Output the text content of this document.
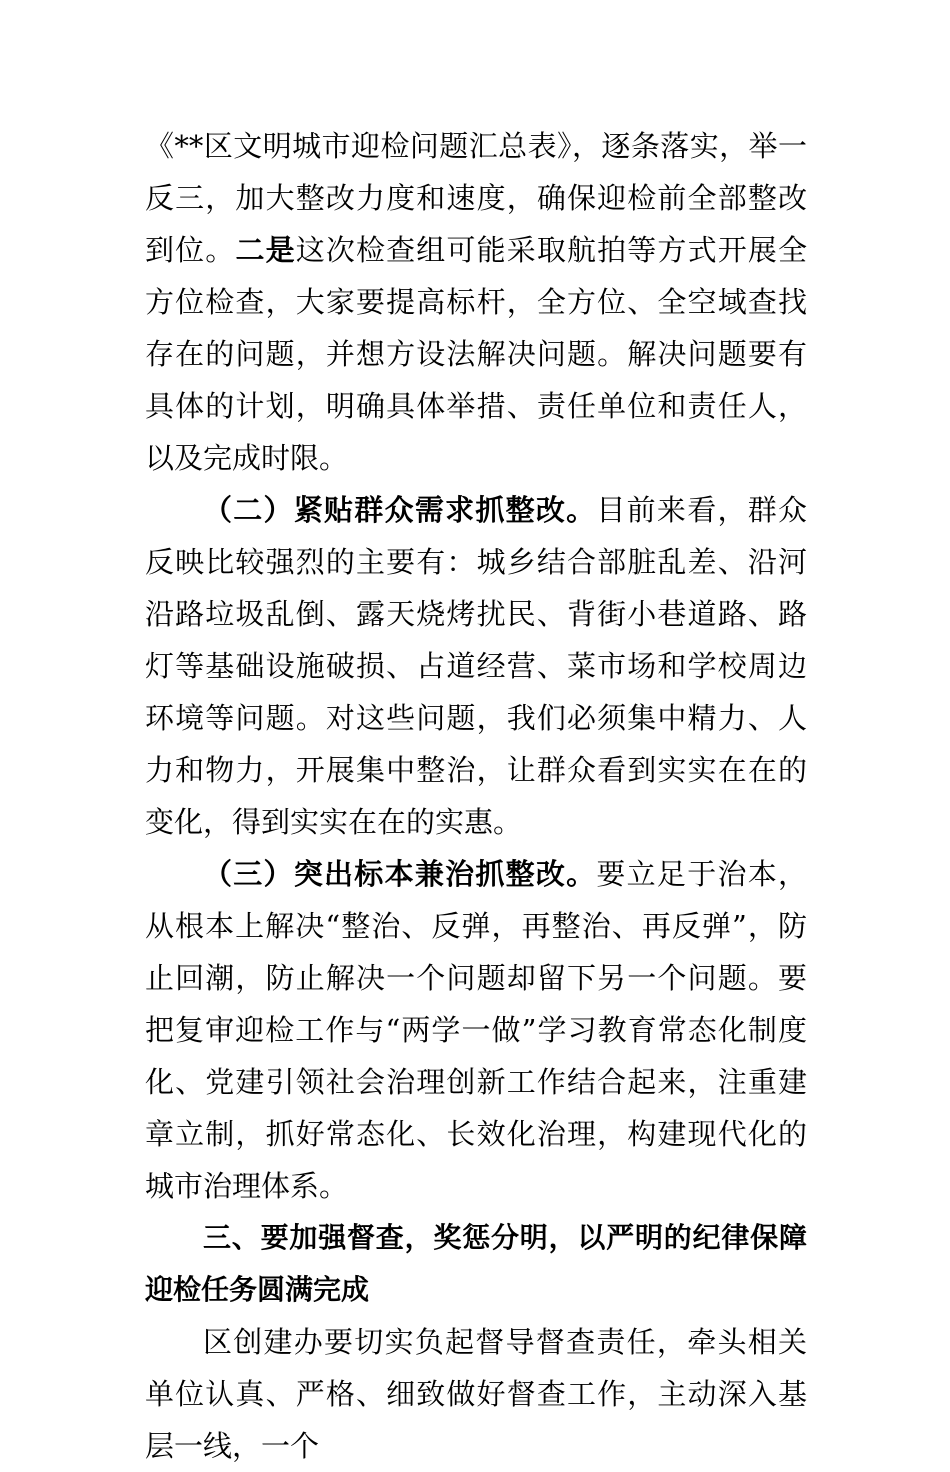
《**区文明城市迎检问题汇总表》，逐条落实，举一反三，加大整改力度和速度，确保迎检前全部整改到位。二是这次检查组可能采取航拍等方式开展全方位检查，大家要提高标杆，全方位、全空域查找存在的问题，并想方设法解决问题。解决问题要有具体的计划，明确具体举措、责任单位和责任人，以及完成时限。

（二）紧贴群众需求抓整改。目前来看，群众反映比较强烈的主要有：城乡结合部脏乱差、沿河沿路垃圾乱倒、露天烧烤扰民、背街小巷道路、路灯等基础设施破损、占道经营、菜市场和学校周边环境等问题。对这些问题，我们必须集中精力、人力和物力，开展集中整治，让群众看到实实在在的变化，得到实实在在的实惠。

（三）突出标本兼治抓整改。要立足于治本，从根本上解决“整治、反弹，再整治、再反弹”，防止回潮，防止解决一个问题却留下另一个问题。要把复审迎检工作与“两学一做”学习教育常态化制度化、党建引领社会治理创新工作结合起来，注重建章立制，抓好常态化、长效化治理，构建现代化的城市治理体系。

三、要加强督查，奖惩分明，以严明的纪律保障迎检任务圆满完成

区创建办要切实负起督导督查责任，牵头相关单位认真、严格、细致做好督查工作，主动深入基层一线，一个
